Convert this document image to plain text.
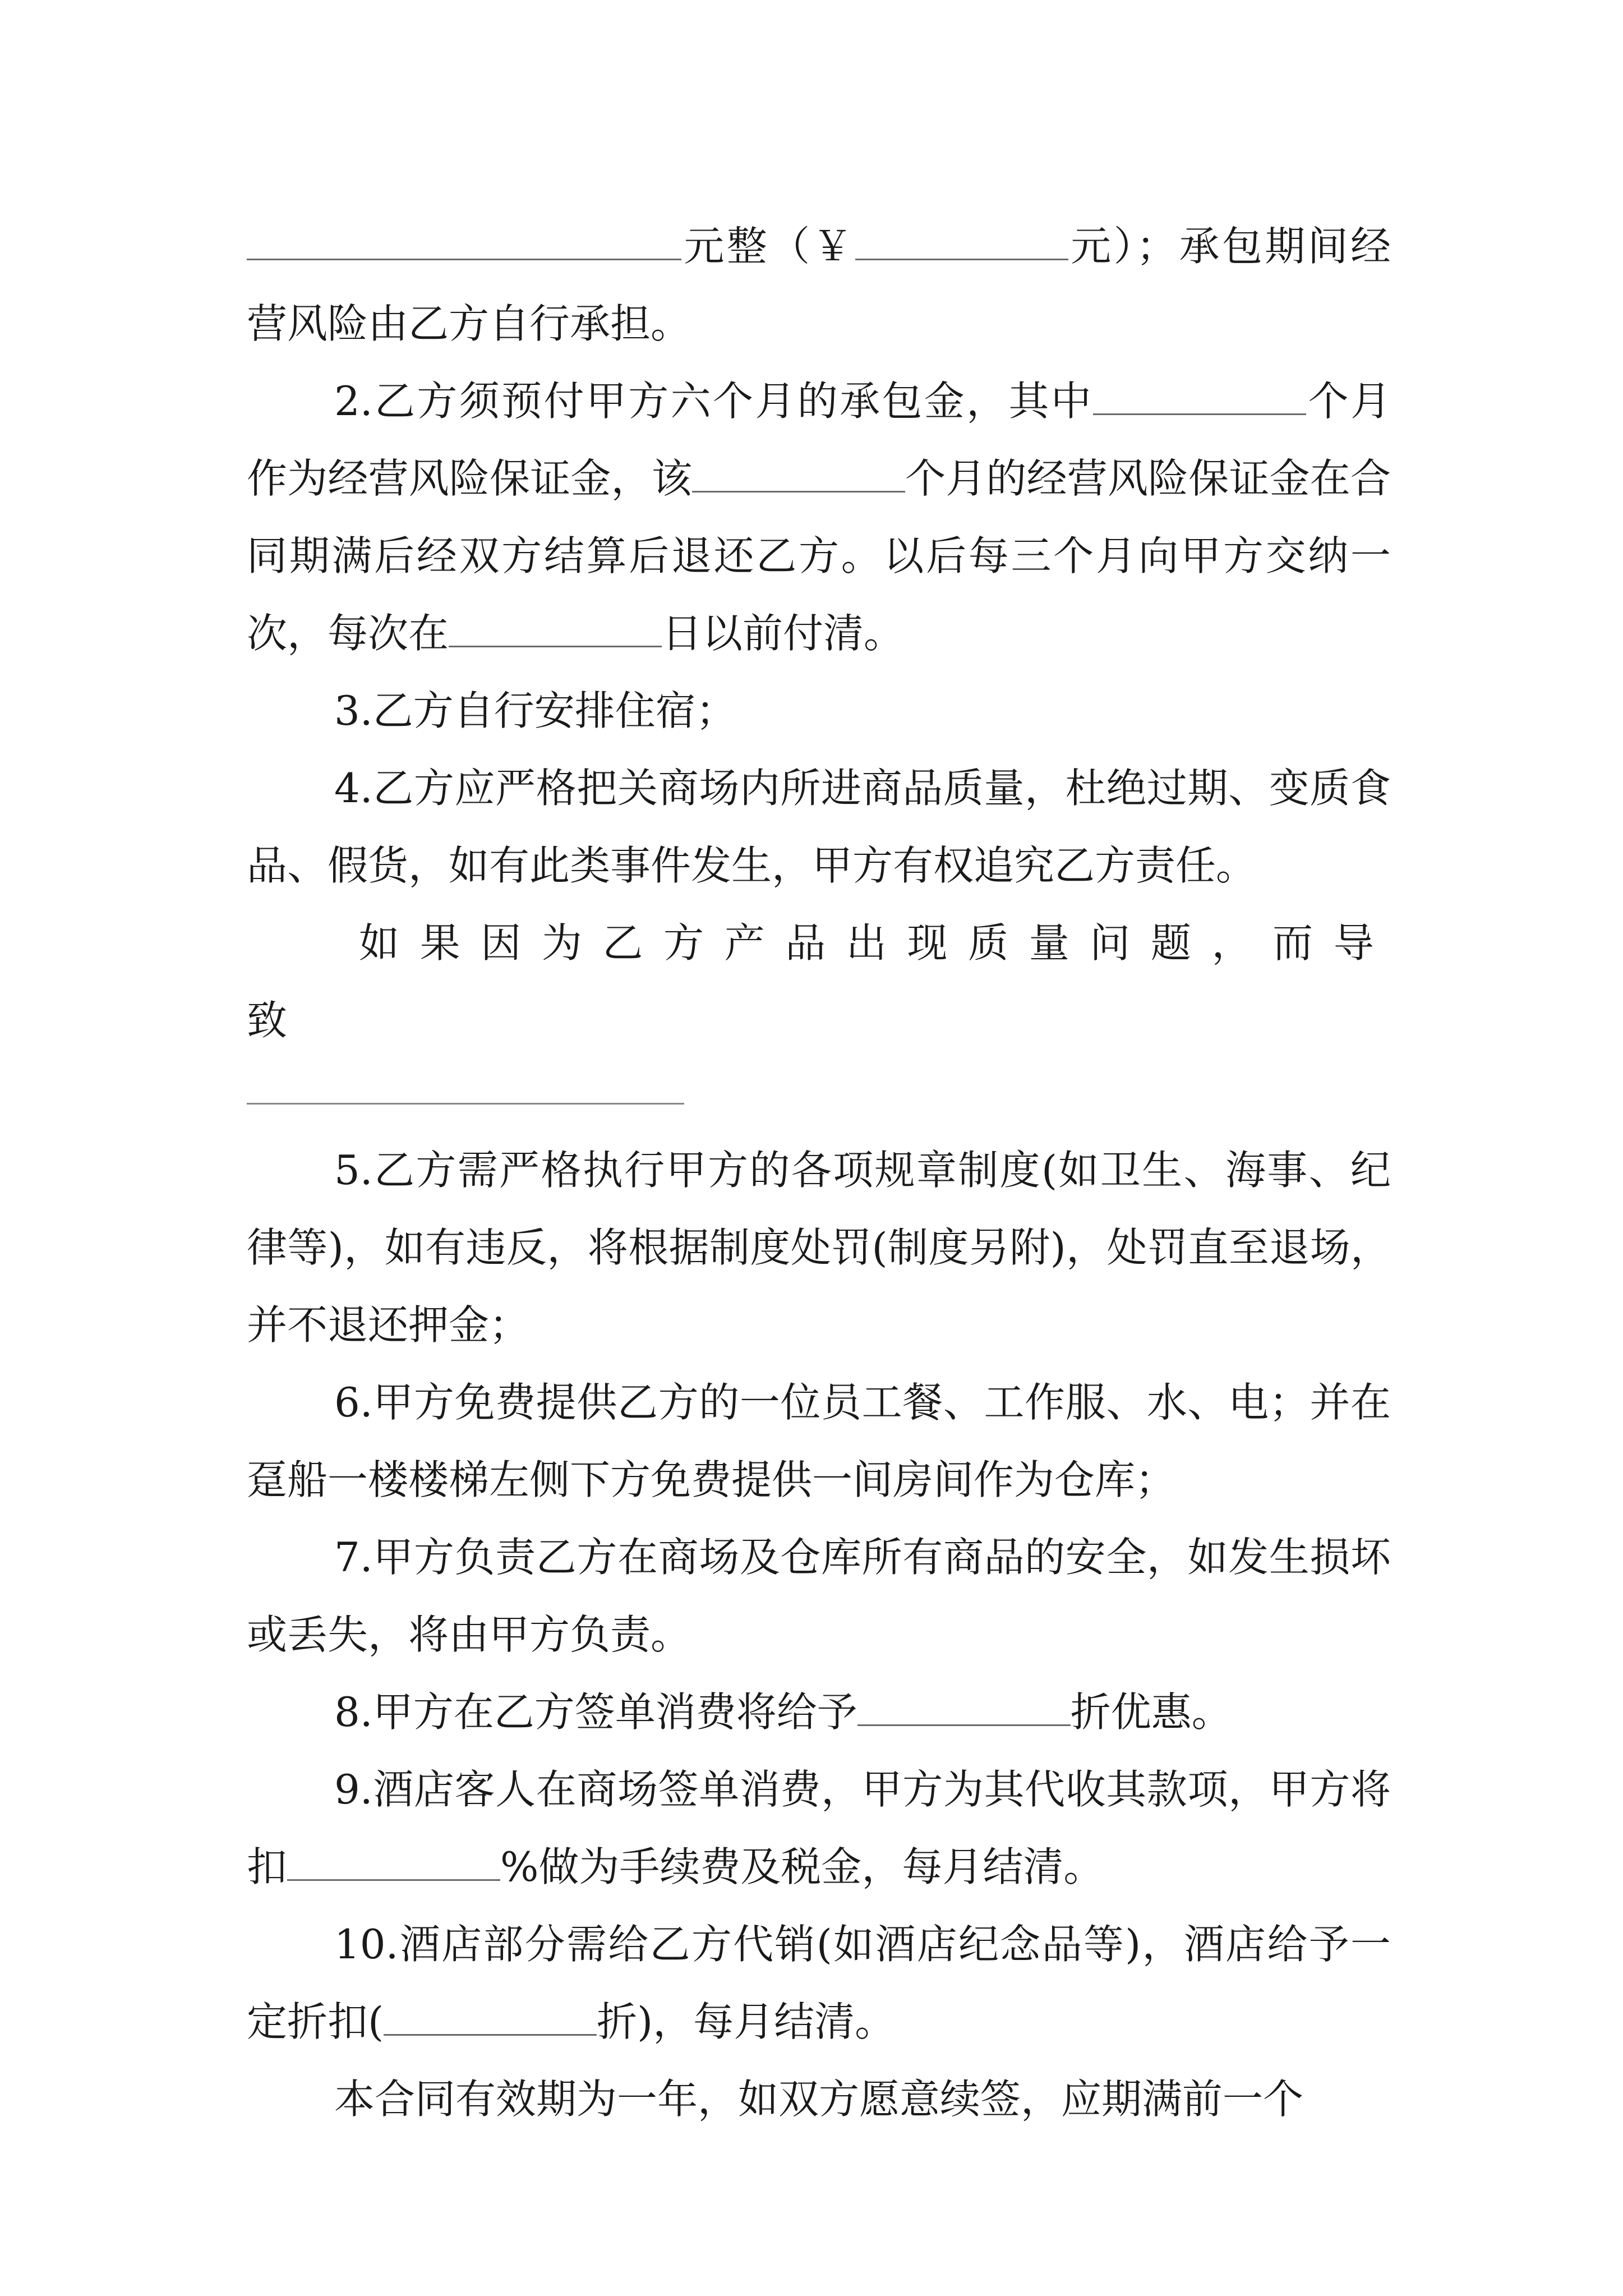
元整（￥	元）；承包期间经营风险由乙方自行承担。

2.乙方须预付甲方六个月的承包金，其中	个月作为经营风险保证金，该	个月的经营风险保证金在合同期满后经双方结算后退还乙方。以后每三个月向甲方交纳一次，每次在	日以前付清。

3.乙方自行安排住宿；

4.乙方应严格把关商场内所进商品质量，杜绝过期、变质食品、假货，如有此类事件发生，甲方有权追究乙方责任。

如果因为乙方产品出现质量问题，而导致

5.乙方需严格执行甲方的各项规章制度(如卫生、海事、纪律等)，如有违反，将根据制度处罚(制度另附)，处罚直至退场，并不退还押金；

6.甲方免费提供乙方的一位员工餐、工作服、水、电；并在趸船一楼楼梯左侧下方免费提供一间房间作为仓库；

7.甲方负责乙方在商场及仓库所有商品的安全，如发生损坏或丢失，将由甲方负责。

8.甲方在乙方签单消费将给予	折优惠。

9.酒店客人在商场签单消费，甲方为其代收其款项，甲方将扣	%做为手续费及税金，每月结清。

10.酒店部分需给乙方代销(如酒店纪念品等)，酒店给予一定折扣(	折)，每月结清。

本合同有效期为一年，如双方愿意续签，应期满前一个
